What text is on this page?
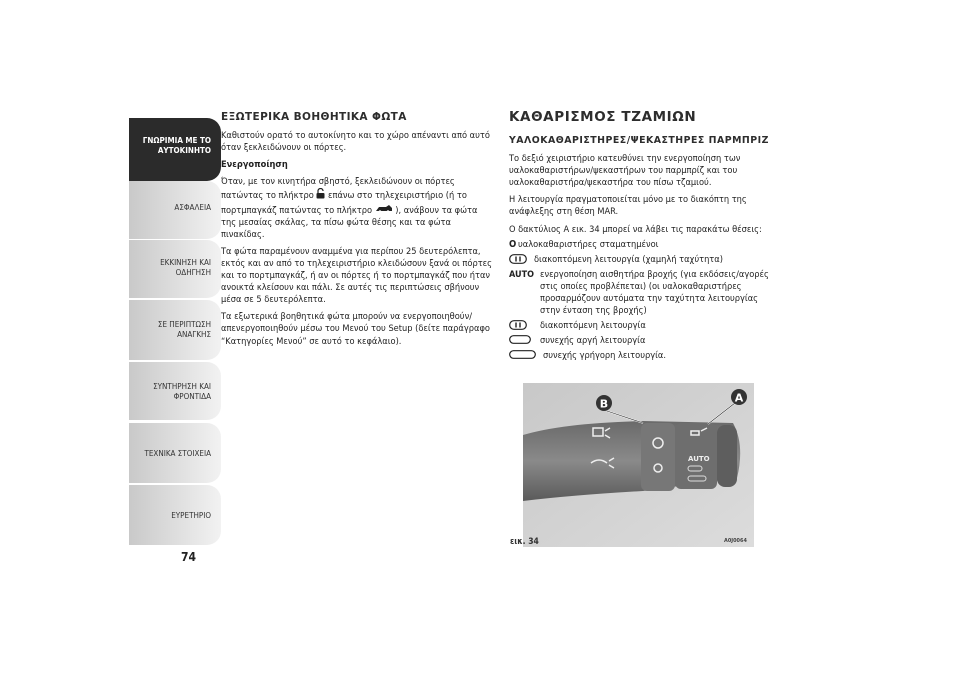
ΓΝΩΡΙΜΙΑ ΜΕ ΤΟ
ΑΥΤΟΚΙΝΗΤΟ
ΑΣΦΑΛΕΙΑ
ΕΚΚΙΝΗΣΗ ΚΑΙ
ΟΔΗΓΗΣΗ
ΣΕ ΠΕΡΙΠΤΩΣΗ
ΑΝΑΓΚΗΣ
ΣΥΝΤΗΡΗΣΗ ΚΑΙ
ΦΡΟΝΤΙΔΑ
ΤΕΧΝΙΚΑ ΣΤΟΙΧΕΙΑ
ΕΥΡΕΤΗΡΙΟ
74
ΕΞΩΤΕΡΙΚΑ ΒΟΗΘΗΤΙΚΑ ΦΩΤΑ

Καθιστούν ορατό το αυτοκίνητο και το χώρο απέναντι από αυτό όταν ξεκλειδώνουν οι πόρτες.

Ενεργοποίηση

Όταν, με τον κινητήρα σβηστό, ξεκλειδώνουν οι πόρτες πατώντας το πλήκτρο επάνω στο τηλεχειριστήριο (ή το πορτμπαγκάζ πατώντας το πλήκτρο	), ανάβουν τα φώτα της μεσαίας σκάλας, τα πίσω φώτα θέσης και τα φώτα πινακίδας.

Τα φώτα παραμένουν αναμμένα για περίπου 25 δευτερόλεπτα, εκτός και αν από το τηλεχειριστήριο κλειδώσουν ξανά οι πόρτες και το πορτμπαγκάζ, ή αν οι πόρτες ή το πορτμπαγκάζ που ήταν ανοικτά κλείσουν και πάλι. Σε αυτές τις περιπτώσεις σβήνουν μέσα σε 5 δευτερόλεπτα.

Τα εξωτερικά βοηθητικά φώτα μπορούν να ενεργοποιηθούν/απενεργοποιηθούν μέσω του Μενού του Setup (δείτε παράγραφο “Κατηγορίες Μενού” σε αυτό το κεφάλαιο).

ΚΑΘΑΡΙΣΜΟΣ ΤΖΑΜΙΩΝ
ΥΑΛΟΚΑΘΑΡΙΣΤΗΡΕΣ/ΨΕΚΑΣΤΗΡΕΣ ΠΑΡΜΠΡΙΖ

Το δεξιό χειριστήριο κατευθύνει την ενεργοποίηση των υαλοκαθαριστήρων/ψεκαστήρων του παρμπρίζ και του υαλοκαθαριστήρα/ψεκαστήρα του πίσω τζαμιού.

Η λειτουργία πραγματοποιείται μόνο με το διακόπτη της ανάφλεξης στη θέση MAR.

Ο δακτύλιος A εικ. 34 μπορεί να λάβει τις παρακάτω θέσεις:

O υαλοκαθαριστήρες σταματημένοι
διακοπτόμενη λειτουργία (χαμηλή ταχύτητα)
AUTO ενεργοποίηση αισθητήρα βροχής (για εκδόσεις/αγορές στις οποίες προβλέπεται) (οι υαλοκαθαριστήρες προσαρμόζουν αυτόματα την ταχύτητα λειτουργίας στην ένταση της βροχής)
διακοπτόμενη λειτουργία
συνεχής αργή λειτουργία
συνεχής γρήγορη λειτουργία.
AUTO
B	A
εικ. 34	A0J0064
